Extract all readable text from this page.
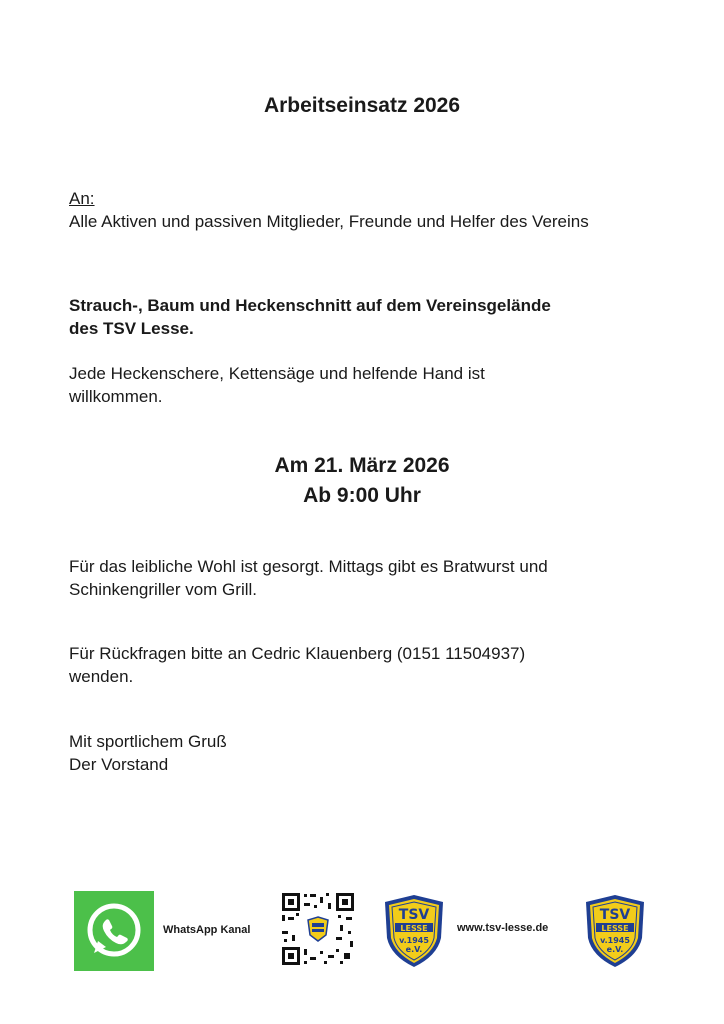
Arbeitseinsatz 2026
An:
Alle Aktiven und passiven Mitglieder, Freunde und Helfer des Vereins
Strauch-, Baum und Heckenschnitt auf dem Vereinsgelände
des TSV Lesse.
Jede Heckenschere, Kettensäge und helfende Hand ist
willkommen.
Am 21. März 2026
Ab 9:00 Uhr
Für das leibliche Wohl ist gesorgt. Mittags gibt es Bratwurst und
Schinkengriller vom Grill.
Für Rückfragen bitte an Cedric Klauenberg (0151 11504937)
wenden.
Mit sportlichem Gruß
Der Vorstand
WhatsApp Kanal
TSV
LESSE
v.1945
e.V.
www.tsv-lesse.de
TSV
LESSE
v.1945
e.V.
